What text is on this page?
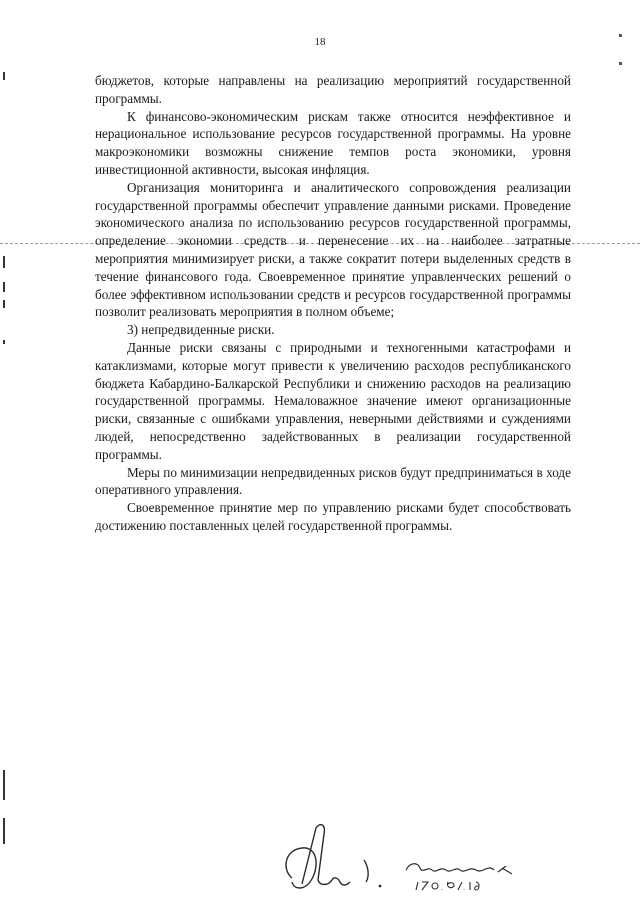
18

бюджетов, которые направлены на реализацию мероприятий государственной программы.

К финансово-экономическим рискам также относится неэффективное и нерациональное использование ресурсов государственной программы. На уровне макроэкономики возможны снижение темпов роста экономики, уровня инвестиционной активности, высокая инфляция.

Организация мониторинга и аналитического сопровождения реализации государственной программы обеспечит управление данными рисками. Проведение экономического анализа по использованию ресурсов государственной программы, определение экономии средств и перенесение их на наиболее затратные мероприятия минимизирует риски, а также сократит потери выделенных средств в течение финансового года. Своевременное принятие управленческих решений о более эффективном использовании средств и ресурсов государственной программы позволит реализовать мероприятия в полном объеме;

3) непредвиденные риски.

Данные риски связаны с природными и техногенными катастрофами и катаклизмами, которые могут привести к увеличению расходов республиканского бюджета Кабардино-Балкарской Республики и снижению расходов на реализацию государственной программы. Немаловажное значение имеют организационные риски, связанные с ошибками управления, неверными действиями и суждениями людей, непосредственно задействованных в реализации государственной программы.

Меры по минимизации непредвиденных рисков будут предприниматься в ходе оперативного управления.

Своевременное принятие мер по управлению рисками будет способствовать достижению поставленных целей государственной программы.
